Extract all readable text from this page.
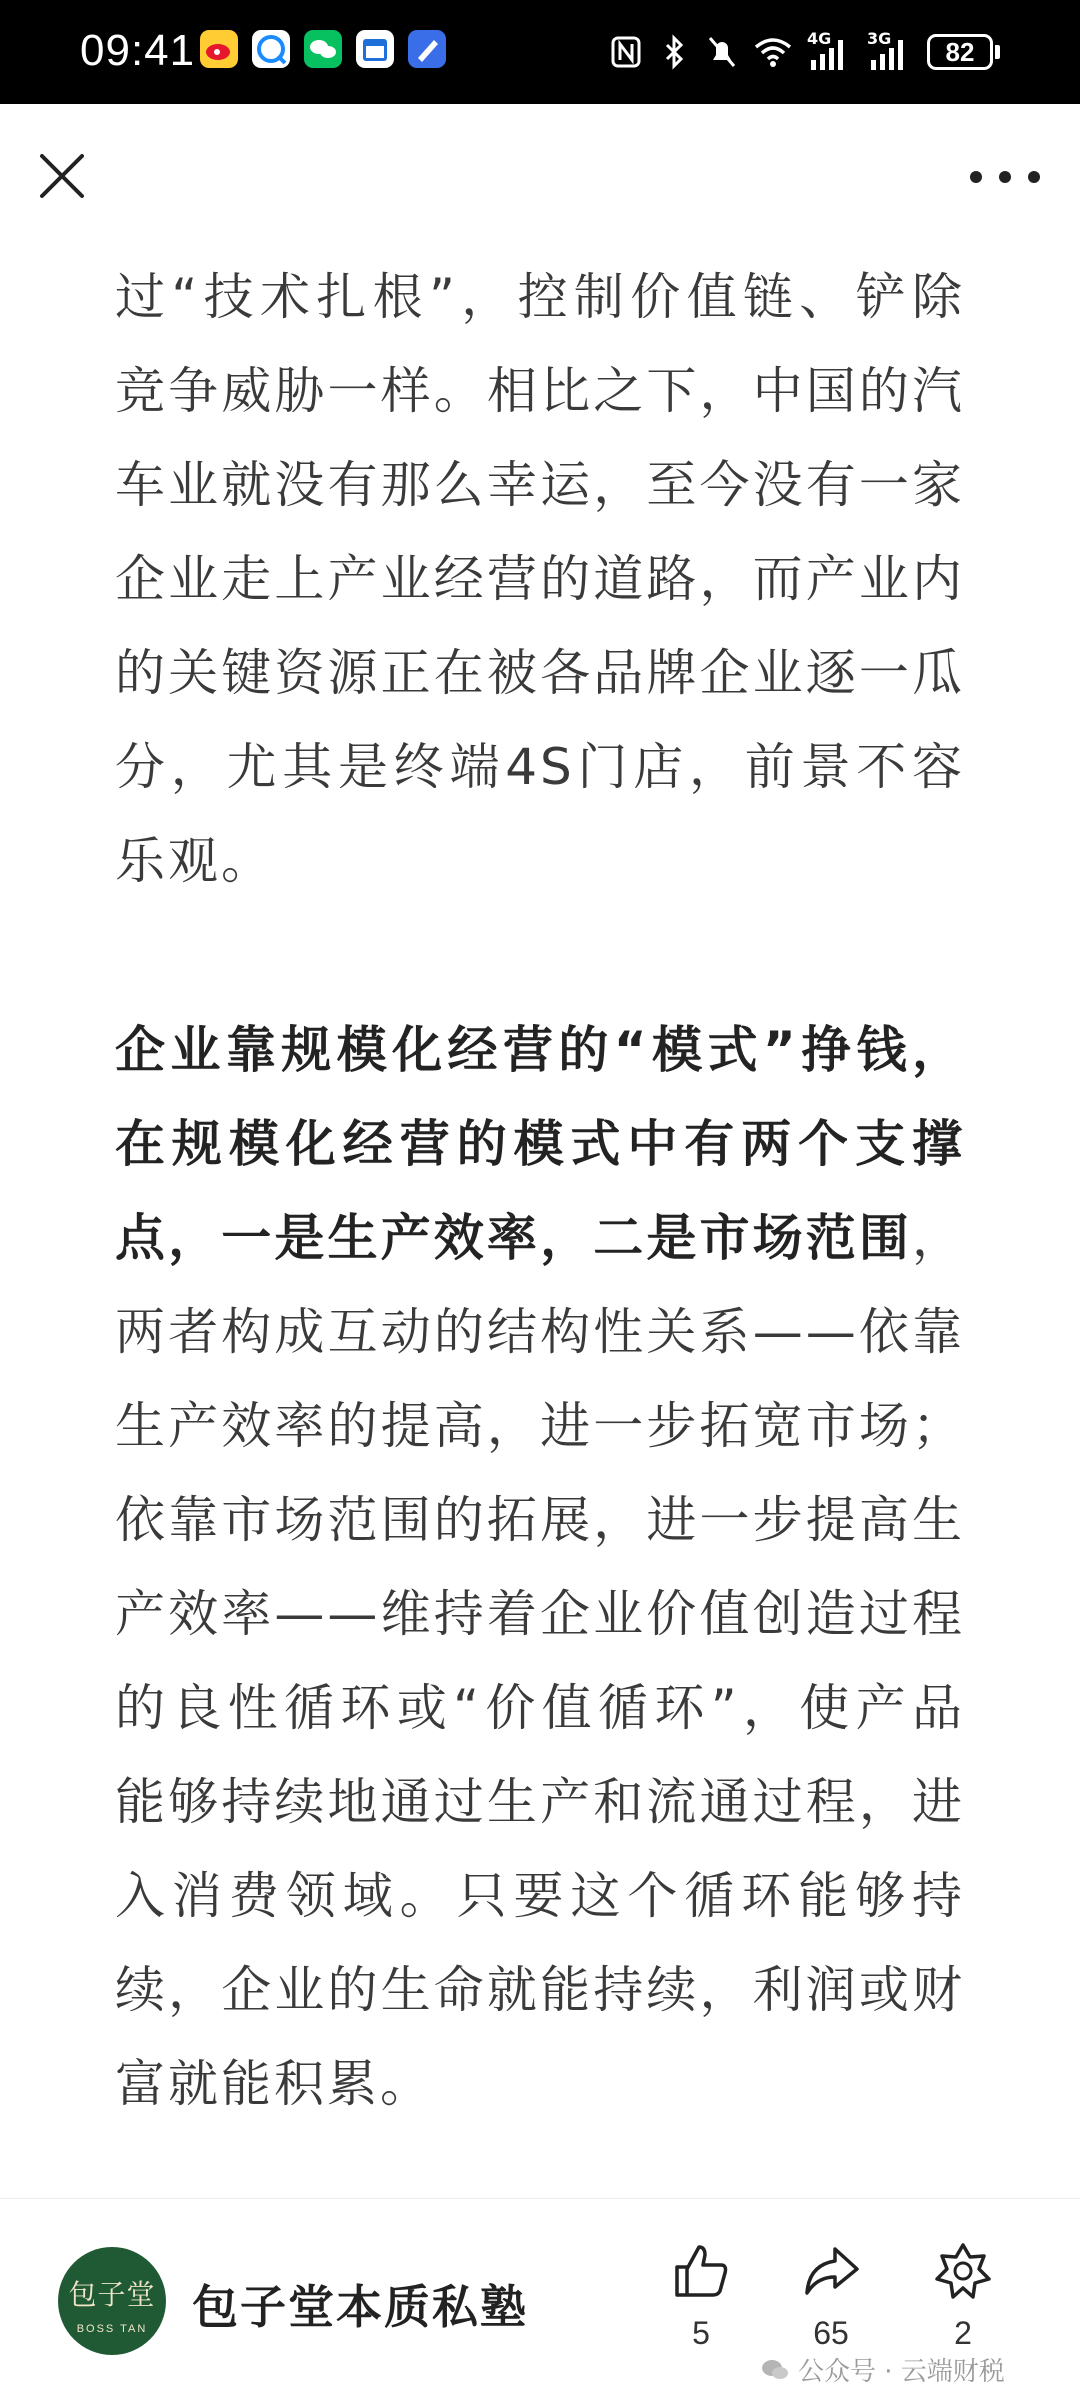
09:41	4G 3G	82

过“技术扎根”，控制价值链、铲除竞争威胁一样。相比之下，中国的汽车业就没有那么幸运，至今没有一家企业走上产业经营的道路，而产业内的关键资源正在被各品牌企业逐一瓜分，尤其是终端4S门店，前景不容乐观。

企业靠规模化经营的“模式”挣钱，在规模化经营的模式中有两个支撑点，一是生产效率，二是市场范围，两者构成互动的结构性关系——依靠生产效率的提高，进一步拓宽市场；依靠市场范围的拓展，进一步提高生产效率——维持着企业价值创造过程的良性循环或“价值循环”，使产品能够持续地通过生产和流通过程，进入消费领域。只要这个循环能够持续，企业的生命就能持续，利润或财富就能积累。

包子堂
BOSS TAN 包子堂本质私塾	5	65	2
公众号 · 云端财税
